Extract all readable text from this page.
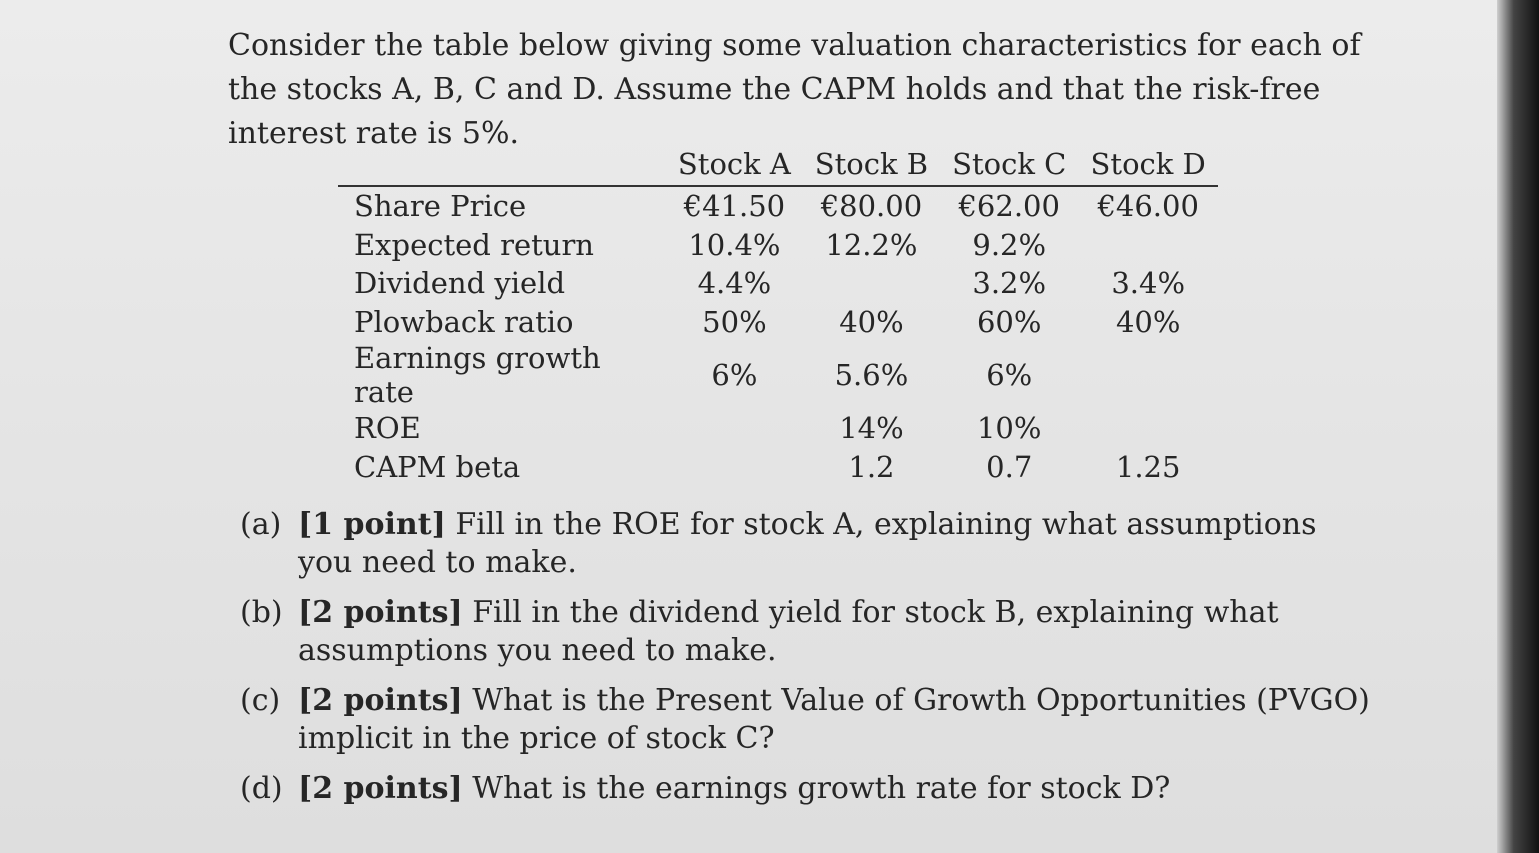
Consider the table below giving some valuation characteristics for each of the stocks A, B, C and D. Assume the CAPM holds and that the risk-free interest rate is 5%.

	Stock A	Stock B	Stock C	Stock D
Share Price	€41.50	€80.00	€62.00	€46.00
Expected return	10.4%	12.2%	9.2%	
Dividend yield	4.4%		3.2%	3.4%
Plowback ratio	50%	40%	60%	40%
Earnings growth rate	6%	5.6%	6%	
ROE		14%	10%	
CAPM beta		1.2	0.7	1.25
(a) [1 point] Fill in the ROE for stock A, explaining what assumptions you need to make.
(b) [2 points] Fill in the dividend yield for stock B, explaining what assumptions you need to make.
(c) [2 points] What is the Present Value of Growth Opportunities (PVGO) implicit in the price of stock C?
(d) [2 points] What is the earnings growth rate for stock D?
